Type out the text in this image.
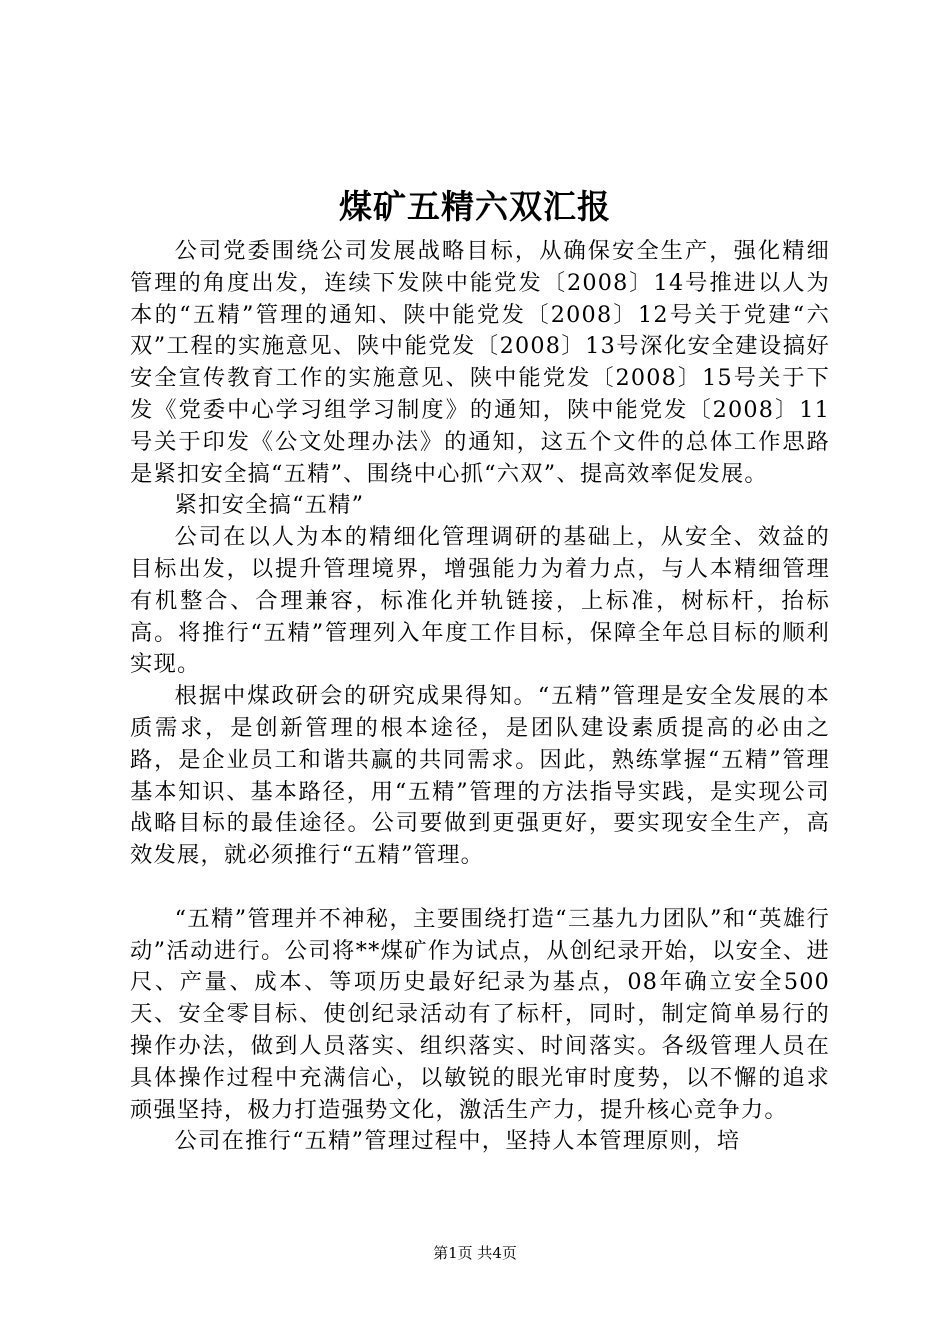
煤矿五精六双汇报

公司党委围绕公司发展战略目标，从确保安全生产，强化精细管理的角度出发，连续下发陕中能党发〔2008〕14号推进以人为本的“五精”管理的通知、陕中能党发〔2008〕12号关于党建“六双”工程的实施意见、陕中能党发〔2008〕13号深化安全建设搞好安全宣传教育工作的实施意见、陕中能党发〔2008〕15号关于下发《党委中心学习组学习制度》的通知，陕中能党发〔2008〕11号关于印发《公文处理办法》的通知，这五个文件的总体工作思路是紧扣安全搞“五精”、围绕中心抓“六双”、提高效率促发展。

紧扣安全搞“五精”

公司在以人为本的精细化管理调研的基础上，从安全、效益的目标出发，以提升管理境界，增强能力为着力点，与人本精细管理有机整合、合理兼容，标准化并轨链接，上标准，树标杆，抬标高。将推行“五精”管理列入年度工作目标，保障全年总目标的顺利实现。

根据中煤政研会的研究成果得知。“五精”管理是安全发展的本质需求，是创新管理的根本途径，是团队建设素质提高的必由之路，是企业员工和谐共赢的共同需求。因此，熟练掌握“五精”管理基本知识、基本路径，用“五精”管理的方法指导实践，是实现公司战略目标的最佳途径。公司要做到更强更好，要实现安全生产，高效发展，就必须推行“五精”管理。

“五精”管理并不神秘，主要围绕打造“三基九力团队”和“英雄行动”活动进行。公司将**煤矿作为试点，从创纪录开始，以安全、进尺、产量、成本、等项历史最好纪录为基点，08年确立安全500天、安全零目标、使创纪录活动有了标杆，同时，制定简单易行的操作办法，做到人员落实、组织落实、时间落实。各级管理人员在具体操作过程中充满信心，以敏锐的眼光审时度势，以不懈的追求顽强坚持，极力打造强势文化，激活生产力，提升核心竞争力。

公司在推行“五精”管理过程中，坚持人本管理原则，培

第1页 共4页
